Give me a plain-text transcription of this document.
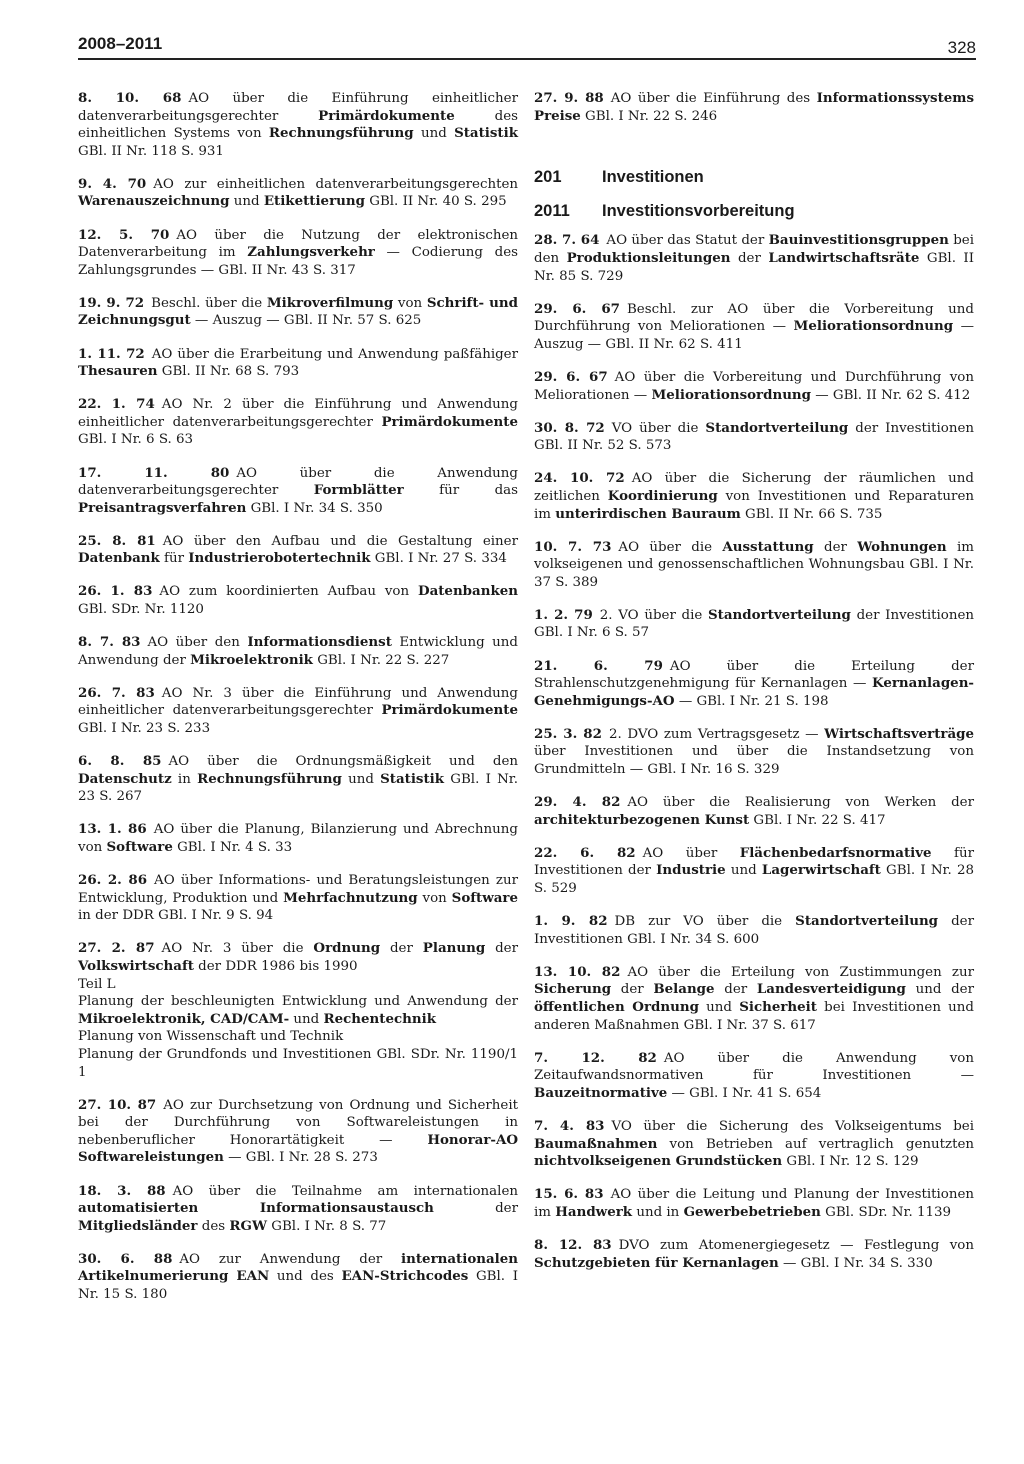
2008–2011	328
8. 10. 68 AO über die Einführung einheitlicher datenverarbeitungsgerechter Primärdokumente des einheitlichen Systems von Rechnungsführung und Statistik GBl. II Nr. 118 S. 931
9. 4. 70 AO zur einheitlichen datenverarbeitungsgerechten Warenauszeichnung und Etikettierung GBl. II Nr. 40 S. 295
12. 5. 70 AO über die Nutzung der elektronischen Datenverarbeitung im Zahlungsverkehr — Codierung des Zahlungsgrundes — GBl. II Nr. 43 S. 317
19. 9. 72 Beschl. über die Mikroverfilmung von Schrift- und Zeichnungsgut — Auszug — GBl. II Nr. 57 S. 625
1. 11. 72 AO über die Erarbeitung und Anwendung paßfähiger Thesauren GBl. II Nr. 68 S. 793
22. 1. 74 AO Nr. 2 über die Einführung und Anwendung einheitlicher datenverarbeitungsgerechter Primärdokumente GBl. I Nr. 6 S. 63
17. 11. 80 AO über die Anwendung datenverarbeitungsgerechter Formblätter für das Preisantragsverfahren GBl. I Nr. 34 S. 350
25. 8. 81 AO über den Aufbau und die Gestaltung einer Datenbank für Industrierobotertechnik GBl. I Nr. 27 S. 334
26. 1. 83 AO zum koordinierten Aufbau von Datenbanken GBl. SDr. Nr. 1120
8. 7. 83 AO über den Informationsdienst Entwicklung und Anwendung der Mikroelektronik GBl. I Nr. 22 S. 227
26. 7. 83 AO Nr. 3 über die Einführung und Anwendung einheitlicher datenverarbeitungsgerechter Primärdokumente GBl. I Nr. 23 S. 233
6. 8. 85 AO über die Ordnungsmäßigkeit und den Datenschutz in Rechnungsführung und Statistik GBl. I Nr. 23 S. 267
13. 1. 86 AO über die Planung, Bilanzierung und Abrechnung von Software GBl. I Nr. 4 S. 33
26. 2. 86 AO über Informations- und Beratungsleistungen zur Entwicklung, Produktion und Mehrfachnutzung von Software in der DDR GBl. I Nr. 9 S. 94
27. 2. 87 AO Nr. 3 über die Ordnung der Planung der Volkswirtschaft der DDR 1986 bis 1990
Teil L
Planung der beschleunigten Entwicklung und Anwendung der Mikroelektronik, CAD/CAM- und Rechentechnik
Planung von Wissenschaft und Technik
Planung der Grundfonds und Investitionen GBl. SDr. Nr. 1190/1 1
27. 10. 87 AO zur Durchsetzung von Ordnung und Sicherheit bei der Durchführung von Softwareleistungen in nebenberuflicher Honorartätigkeit — Honorar-AO Softwareleistungen — GBl. I Nr. 28 S. 273
18. 3. 88 AO über die Teilnahme am internationalen automatisierten Informationsaustausch der Mitgliedsländer des RGW GBl. I Nr. 8 S. 77
30. 6. 88 AO zur Anwendung der internationalen Artikelnumerierung EAN und des EAN-Strichcodes GBl. I Nr. 15 S. 180
27. 9. 88 AO über die Einführung des Informationssystems Preise GBl. I Nr. 22 S. 246
201	Investitionen
2011	Investitionsvorbereitung
28. 7. 64 AO über das Statut der Bauinvestitionsgruppen bei den Produktionsleitungen der Landwirtschaftsräte GBl. II Nr. 85 S. 729
29. 6. 67 Beschl. zur AO über die Vorbereitung und Durchführung von Meliorationen — Meliorationsordnung — Auszug — GBl. II Nr. 62 S. 411
29. 6. 67 AO über die Vorbereitung und Durchführung von Meliorationen — Meliorationsordnung — GBl. II Nr. 62 S. 412
30. 8. 72 VO über die Standortverteilung der Investitionen GBl. II Nr. 52 S. 573
24. 10. 72 AO über die Sicherung der räumlichen und zeitlichen Koordinierung von Investitionen und Reparaturen im unterirdischen Bauraum GBl. II Nr. 66 S. 735
10. 7. 73 AO über die Ausstattung der Wohnungen im volkseigenen und genossenschaftlichen Wohnungsbau GBl. I Nr. 37 S. 389
1. 2. 79 2. VO über die Standortverteilung der Investitionen GBl. I Nr. 6 S. 57
21. 6. 79 AO über die Erteilung der Strahlenschutzgenehmigung für Kernanlagen — Kernanlagen-Genehmigungs-AO — GBl. I Nr. 21 S. 198
25. 3. 82 2. DVO zum Vertragsgesetz — Wirtschaftsverträge über Investitionen und über die Instandsetzung von Grundmitteln — GBl. I Nr. 16 S. 329
29. 4. 82 AO über die Realisierung von Werken der architekturbezogenen Kunst GBl. I Nr. 22 S. 417
22. 6. 82 AO über Flächenbedarfsnormative für Investitionen der Industrie und Lagerwirtschaft GBl. I Nr. 28 S. 529
1. 9. 82 DB zur VO über die Standortverteilung der Investitionen GBl. I Nr. 34 S. 600
13. 10. 82 AO über die Erteilung von Zustimmungen zur Sicherung der Belange der Landesverteidigung und der öffentlichen Ordnung und Sicherheit bei Investitionen und anderen Maßnahmen GBl. I Nr. 37 S. 617
7. 12. 82 AO über die Anwendung von Zeitaufwandsnormativen für Investitionen — Bauzeitnormative — GBl. I Nr. 41 S. 654
7. 4. 83 VO über die Sicherung des Volkseigentums bei Baumaßnahmen von Betrieben auf vertraglich genutzten nichtvolkseigenen Grundstücken GBl. I Nr. 12 S. 129
15. 6. 83 AO über die Leitung und Planung der Investitionen im Handwerk und in Gewerbebetrieben GBl. SDr. Nr. 1139
8. 12. 83 DVO zum Atomenergiegesetz — Festlegung von Schutzgebieten für Kernanlagen — GBl. I Nr. 34 S. 330
